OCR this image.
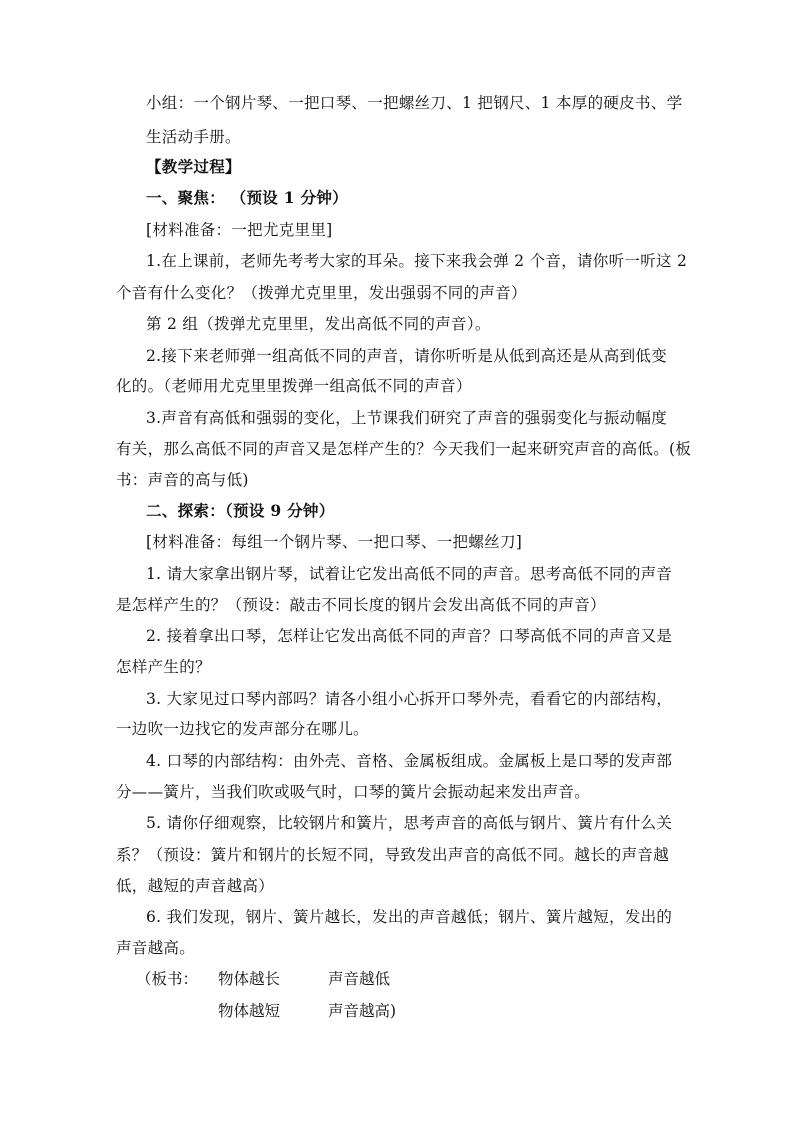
小组：一个钢片琴、一把口琴、一把螺丝刀、1 把钢尺、1 本厚的硬皮书、学
生活动手册。
【教学过程】
一、聚焦： （预设 1 分钟）
[材料准备：一把尤克里里]
1.在上课前，老师先考考大家的耳朵。接下来我会弹 2 个音，请你听一听这 2
个音有什么变化？（拨弹尤克里里，发出强弱不同的声音）
第 2 组（拨弹尤克里里，发出高低不同的声音）。
2.接下来老师弹一组高低不同的声音，请你听听是从低到高还是从高到低变
化的。（老师用尤克里里拨弹一组高低不同的声音）
3.声音有高低和强弱的变化，上节课我们研究了声音的强弱变化与振动幅度
有关，那么高低不同的声音又是怎样产生的？今天我们一起来研究声音的高低。(板
书：声音的高与低)
二、探索：（预设 9 分钟）
[材料准备：每组一个钢片琴、一把口琴、一把螺丝刀]
1. 请大家拿出钢片琴，试着让它发出高低不同的声音。思考高低不同的声音
是怎样产生的？（预设：敲击不同长度的钢片会发出高低不同的声音）
2. 接着拿出口琴，怎样让它发出高低不同的声音？口琴高低不同的声音又是
怎样产生的？
3. 大家见过口琴内部吗？请各小组小心拆开口琴外壳，看看它的内部结构，
一边吹一边找它的发声部分在哪儿。
4. 口琴的内部结构：由外壳、音格、金属板组成。金属板上是口琴的发声部
分——簧片，当我们吹或吸气时，口琴的簧片会振动起来发出声音。
5. 请你仔细观察，比较钢片和簧片，思考声音的高低与钢片、簧片有什么关
系？（预设：簧片和钢片的长短不同，导致发出声音的高低不同。越长的声音越
低，越短的声音越高）
6. 我们发现，钢片、簧片越长，发出的声音越低；钢片、簧片越短，发出的
声音越高。
（板书： 物体越长	声音越低
物体越短	声音越高)
